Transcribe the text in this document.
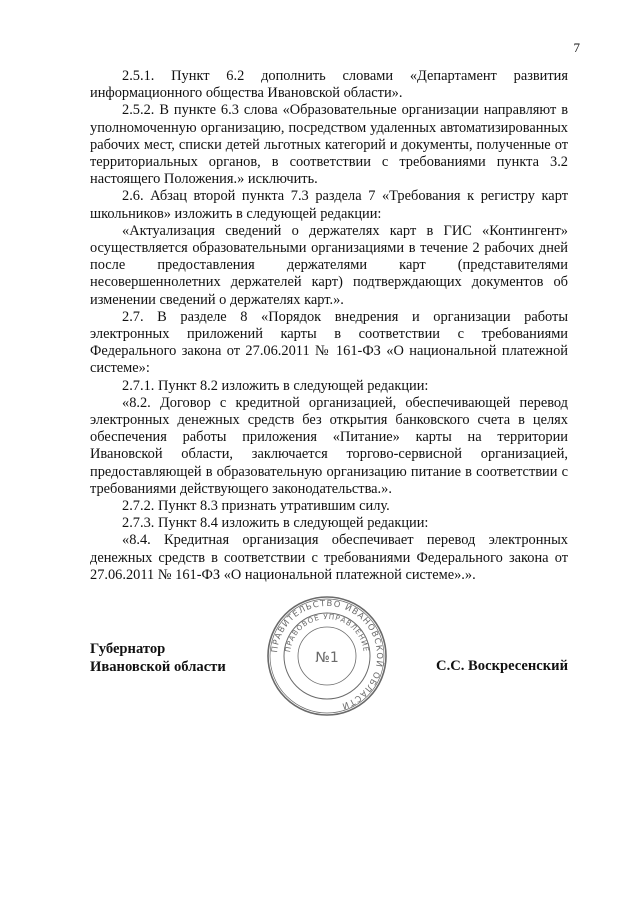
7

2.5.1. Пункт 6.2 дополнить словами «Департамент развития информационного общества Ивановской области».

2.5.2. В пункте 6.3 слова «Образовательные организации направляют в уполномоченную организацию, посредством удаленных автоматизированных рабочих мест, списки детей льготных категорий и документы, полученные от территориальных органов, в соответствии с требованиями пункта 3.2 настоящего Положения.» исключить.

2.6. Абзац второй пункта 7.3 раздела 7 «Требования к регистру карт школьников» изложить в следующей редакции:

«Актуализация сведений о держателях карт в ГИС «Контингент» осуществляется образовательными организациями в течение 2 рабочих дней после предоставления держателями карт (представителями несовершеннолетних держателей карт) подтверждающих документов об изменении сведений о держателях карт.».

2.7. В разделе 8 «Порядок внедрения и организации работы электронных приложений карты в соответствии с требованиями Федерального закона от 27.06.2011 № 161-ФЗ «О национальной платежной системе»:

2.7.1. Пункт 8.2 изложить в следующей редакции:

«8.2. Договор с кредитной организацией, обеспечивающей перевод электронных денежных средств без открытия банковского счета в целях обеспечения работы приложения «Питание» карты на территории Ивановской области, заключается торгово-сервисной организацией, предоставляющей в образовательную организацию питание в соответствии с требованиями действующего законодательства.».

2.7.2. Пункт 8.3 признать утратившим силу.

2.7.3. Пункт 8.4 изложить в следующей редакции:

«8.4. Кредитная организация обеспечивает перевод электронных денежных средств в соответствии с требованиями Федерального закона от 27.06.2011 № 161-ФЗ «О национальной платежной системе».».

Губернатор
Ивановской области
ПРАВИТЕЛЬСТВО ИВАНОВСКОЙ ОБЛАСТИ
ПРАВОВОЕ УПРАВЛЕНИЕ
№1	С.С. Воскресенский
